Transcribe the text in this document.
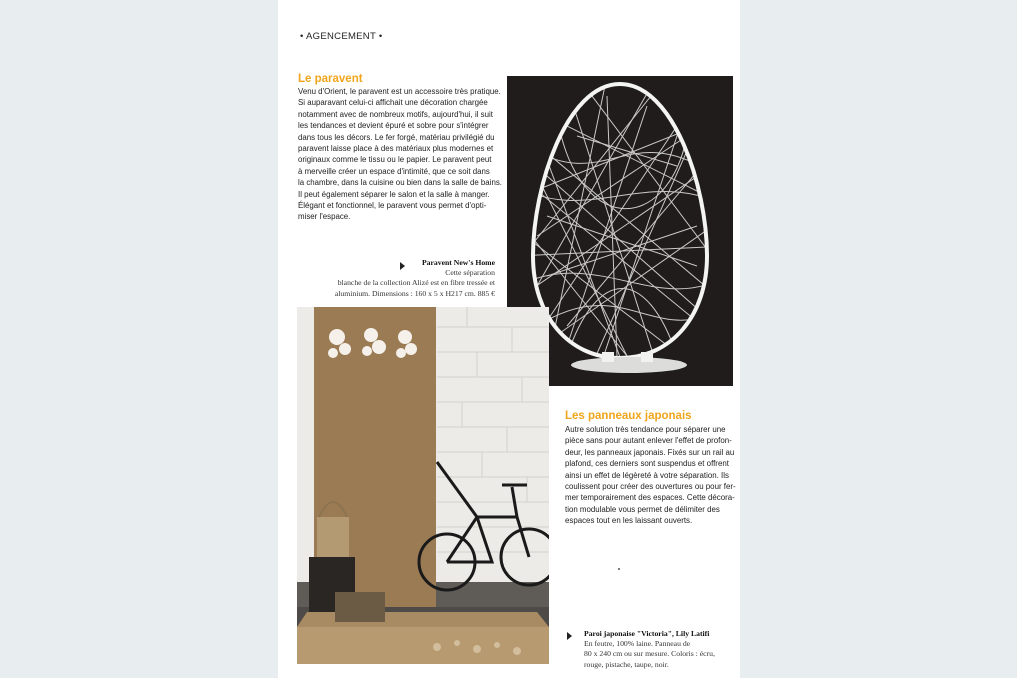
• AGENCEMENT •
Le paravent
Venu d'Orient, le paravent est un accessoire très pratique.
Si auparavant celui-ci affichait une décoration chargée
notamment avec de nombreux motifs, aujourd'hui, il suit
les tendances et devient épuré et sobre pour s'intégrer
dans tous les décors. Le fer forgé, matériau privilégié du
paravent laisse place à des matériaux plus modernes et
originaux comme le tissu ou le papier. Le paravent peut
à merveille créer un espace d'intimité, que ce soit dans
la chambre, dans la cuisine ou bien dans la salle de bains.
Il peut également séparer le salon et la salle à manger.
Élégant et fonctionnel, le paravent vous permet d'opti-
miser l'espace.
Paravent New's Home
Cette séparation
blanche de la collection Alizé est en fibre tressée et
aluminium. Dimensions : 160 x 5 x H217 cm. 885 €
Les panneaux japonais
Autre solution très tendance pour séparer une
pièce sans pour autant enlever l'effet de profon-
deur, les panneaux japonais. Fixés sur un rail au
plafond, ces derniers sont suspendus et offrent
ainsi un effet de légèreté à votre séparation. Ils
coulissent pour créer des ouvertures ou pour fer-
mer temporairement des espaces. Cette décora-
tion modulable vous permet de délimiter des
espaces tout en les laissant ouverts.
Paroi japonaise "Victoria", Lily Latifi
En feutre, 100% laine. Panneau de
80 x 240 cm ou sur mesure. Coloris : écru,
rouge, pistache, taupe, noir.
